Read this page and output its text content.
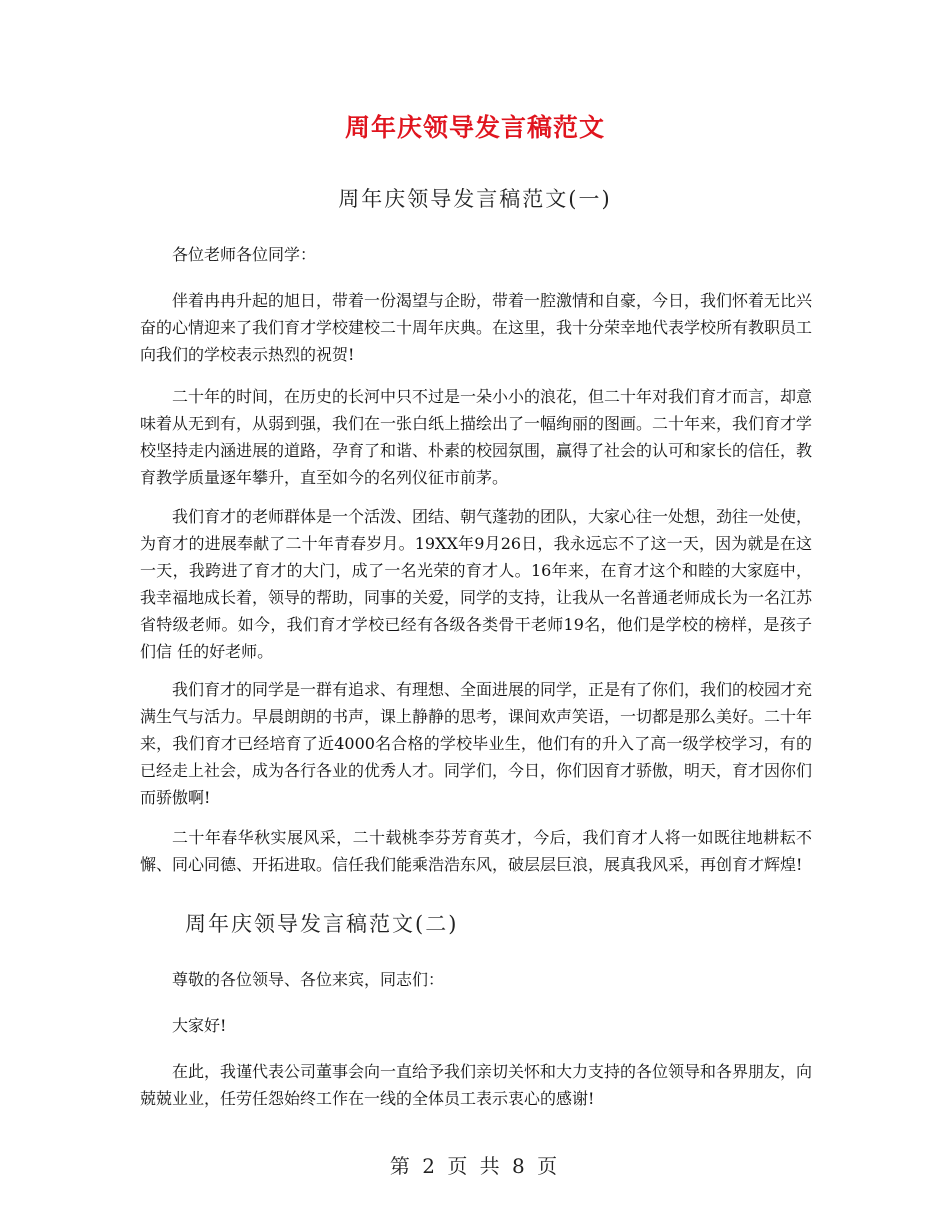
周年庆领导发言稿范文
周年庆领导发言稿范文(一)

各位老师各位同学：

伴着冉冉升起的旭日，带着一份渴望与企盼，带着一腔激情和自豪，今日，我们怀着无比兴奋的心情迎来了我们育才学校建校二十周年庆典。在这里，我十分荣幸地代表学校所有教职员工向我们的学校表示热烈的祝贺!

二十年的时间，在历史的长河中只不过是一朵小小的浪花，但二十年对我们育才而言，却意味着从无到有，从弱到强，我们在一张白纸上描绘出了一幅绚丽的图画。二十年来，我们育才学校坚持走内涵进展的道路，孕育了和谐、朴素的校园氛围，赢得了社会的认可和家长的信任，教育教学质量逐年攀升，直至如今的名列仪征市前茅。

我们育才的老师群体是一个活泼、团结、朝气蓬勃的团队，大家心往一处想，劲往一处使，为育才的进展奉献了二十年青春岁月。19XX年9月26日，我永远忘不了这一天，因为就是在这一天，我跨进了育才的大门，成了一名光荣的育才人。16年来，在育才这个和睦的大家庭中，我幸福地成长着，领导的帮助，同事的关爱，同学的支持，让我从一名普通老师成长为一名江苏省特级老师。如今，我们育才学校已经有各级各类骨干老师19名，他们是学校的榜样，是孩子们信 任的好老师。

我们育才的同学是一群有追求、有理想、全面进展的同学，正是有了你们，我们的校园才充满生气与活力。早晨朗朗的书声，课上静静的思考，课间欢声笑语，一切都是那么美好。二十年来，我们育才已经培育了近4000名合格的学校毕业生，他们有的升入了高一级学校学习，有的已经走上社会，成为各行各业的优秀人才。同学们，今日，你们因育才骄傲，明天，育才因你们而骄傲啊!

二十年春华秋实展风采，二十载桃李芬芳育英才，今后，我们育才人将一如既往地耕耘不懈、同心同德、开拓进取。信任我们能乘浩浩东风，破层层巨浪，展真我风采，再创育才辉煌!

周年庆领导发言稿范文(二)

尊敬的各位领导、各位来宾，同志们：

大家好!

在此，我谨代表公司董事会向一直给予我们亲切关怀和大力支持的各位领导和各界朋友，向兢兢业业，任劳任怨始终工作在一线的全体员工表示衷心的感谢!

第 2 页 共 8 页
